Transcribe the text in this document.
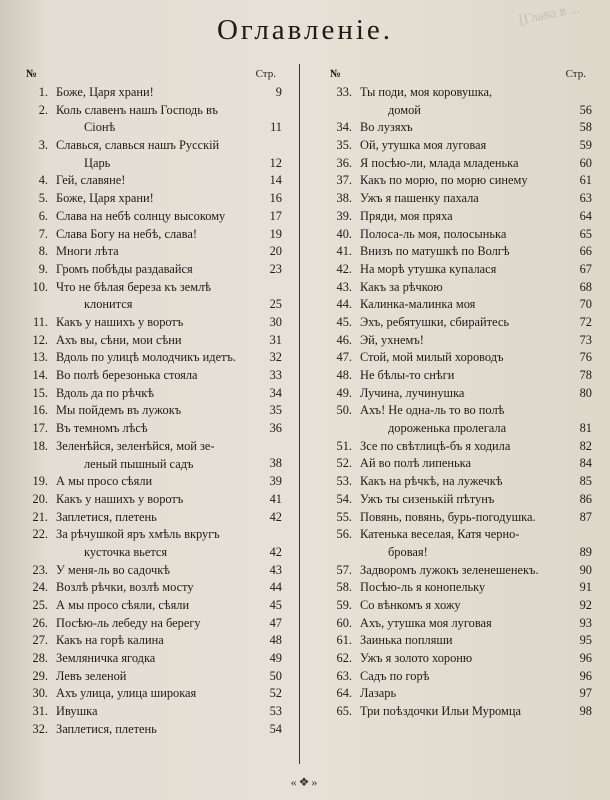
[Глава в ...
Оглавленіе.
№	Стр.
1. Боже, Царя храни!	9
2. Коль славенъ нашъ Господь въ
Сіонѣ	11
3. Славься, славься нашъ Русскій
Царь	12
4. Гей, славяне!	14
5. Боже, Царя храни!	16
6. Слава на небѣ солнцу высокому	17
7. Слава Богу на небѣ, слава!	19
8. Многи лѣта	20
9. Громъ побѣды раздавайся	23
10. Что не бѣлая береза къ землѣ
клонится	25
11. Какъ у нашихъ у воротъ	30
12. Ахъ вы, сѣни, мои сѣни	31
13. Вдоль по улицѣ молодчикъ идетъ.	32
14. Во полѣ березонька стояла	33
15. Вдоль да по рѣчкѣ	34
16. Мы пойдемъ въ лужокъ	35
17. Въ темномъ лѣсѣ	36
18. Зеленѣйся, зеленѣйся, мой зе-
леный пышный садъ	38
19. А мы просо сѣяли	39
20. Какъ у нашихъ у воротъ	41
21. Заплетися, плетень	42
22. За рѣчушкой яръ хмѣль вкругъ
кусточка вьется	42
23. У меня-ль во садочкѣ	43
24. Возлѣ рѣчки, возлѣ мосту	44
25. А мы просо сѣяли, сѣяли	45
26. Посѣю-ль лебеду на берегу	47
27. Какъ на горѣ калина	48
28. Земляничка ягодка	49
29. Левъ зеленой	50
30. Ахъ улица, улица широкая	52
31. Ивушка	53
32. Заплетися, плетень	54
№	Стр.
33. Ты поди, моя коровушка,
домой	56
34. Во лузяхъ	58
35. Ой, утушка моя луговая	59
36. Я посѣю-ли, млада младенька	60
37. Какъ по морю, по морю синему	61
38. Ужъ я пашенку пахала	63
39. Пряди, моя пряха	64
40. Полоса-ль моя, полосынька	65
41. Внизъ по матушкѣ по Волгѣ	66
42. На морѣ утушка купалася	67
43. Какъ за рѣчкою	68
44. Калинка-малинка моя	70
45. Эхъ, ребятушки, сбирайтесь	72
46. Эй, ухнемъ!	73
47. Стой, мой милый хороводъ	76
48. Не бѣлы-то снѣги	78
49. Лучина, лучинушка	80
50. Ахъ! Не одна-ль то во полѣ
дороженька пролегала	81
51. Зсе по свѣтлицѣ-бъ я ходила	82
52. Ай во полѣ липенька	84
53. Какъ на рѣчкѣ, на лужечкѣ	85
54. Ужъ ты сизенькій пѣтунъ	86
55. Повянь, повянь, бурь-погодушка.	87
56. Катенька веселая, Катя черно-
бровая!	89
57. Задворомъ лужокъ зеленешенекъ.	90
58. Посѣю-ль я конопельку	91
59. Со вѣнкомъ я хожу	92
60. Ахъ, утушка моя луговая	93
61. Заинька попляши	95
62. Ужъ я золото хороню	96
63. Садъ по горѣ	96
64. Лазарь	97
65. Три поѣздочки Ильи Муромца	98
«❖»
